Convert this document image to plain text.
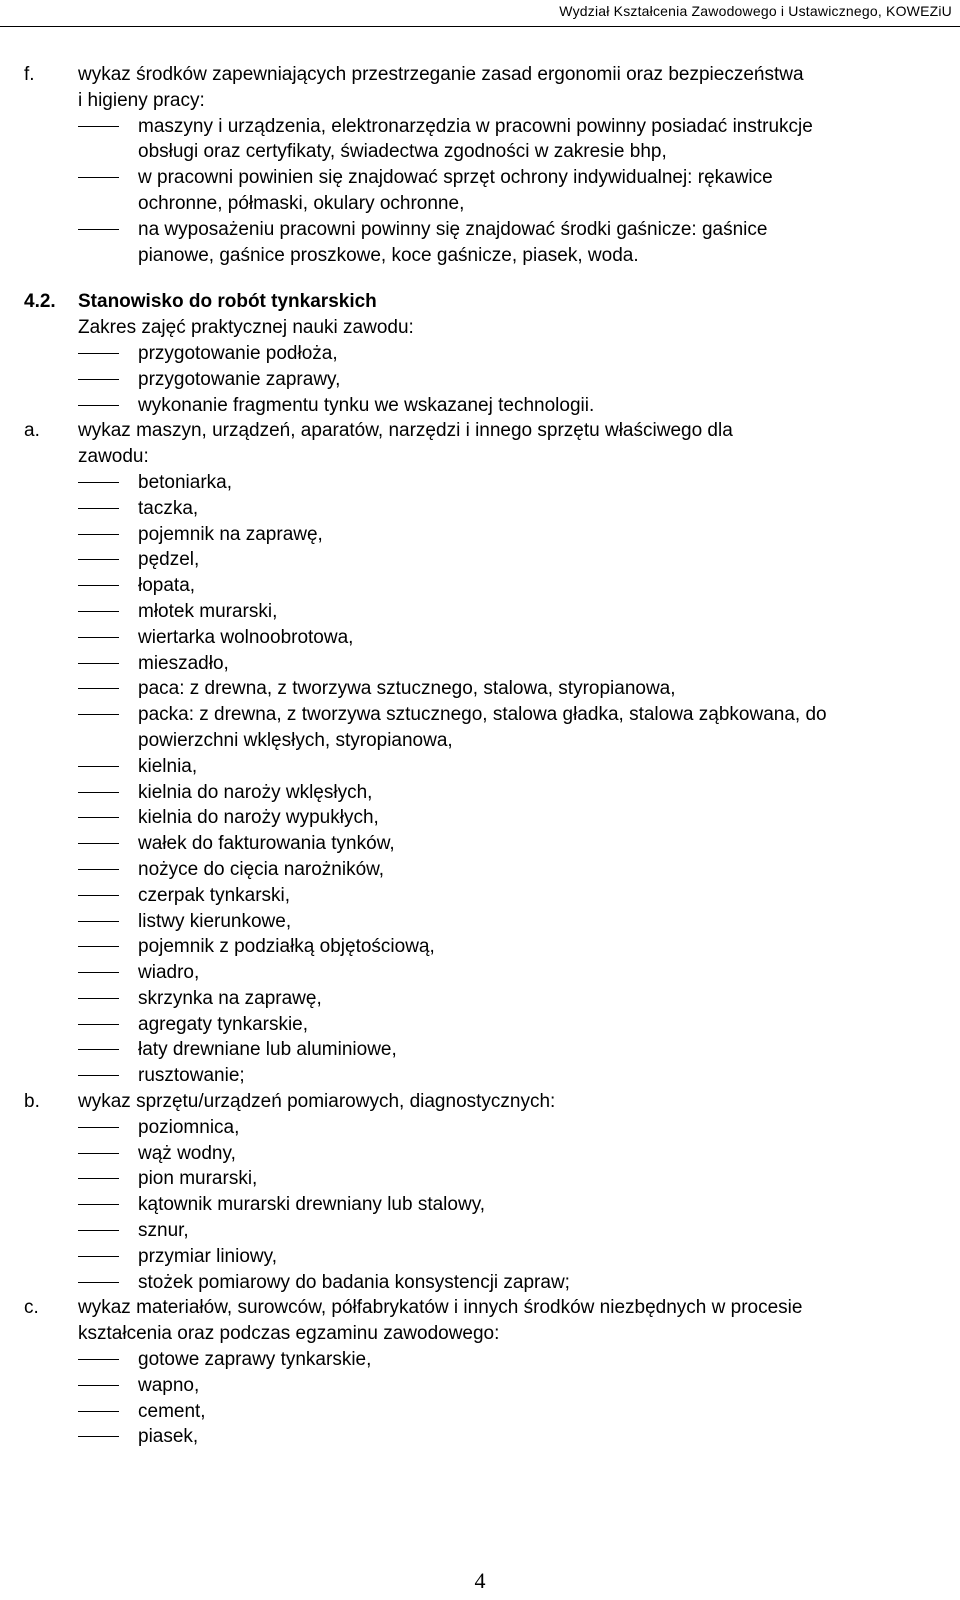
Wydział Kształcenia Zawodowego i Ustawicznego, KOWEZiU
f. wykaz środków zapewniających przestrzeganie zasad ergonomii oraz bezpieczeństwa
i higieny pracy:
maszyny i urządzenia, elektronarzędzia w pracowni powinny posiadać instrukcje
obsługi oraz certyfikaty, świadectwa zgodności w zakresie bhp,
w pracowni powinien się znajdować sprzęt ochrony indywidualnej: rękawice
ochronne, półmaski, okulary ochronne,
na wyposażeniu pracowni powinny się znajdować środki gaśnicze: gaśnice
pianowe, gaśnice proszkowe, koce gaśnicze, piasek, woda.
4.2. Stanowisko do robót tynkarskich
Zakres zajęć praktycznej nauki zawodu:
przygotowanie podłoża,
przygotowanie zaprawy,
wykonanie fragmentu tynku we wskazanej technologii.
a. wykaz maszyn, urządzeń, aparatów, narzędzi i innego sprzętu właściwego dla
zawodu:
betoniarka,
taczka,
pojemnik na zaprawę,
pędzel,
łopata,
młotek murarski,
wiertarka wolnoobrotowa,
mieszadło,
paca: z drewna, z tworzywa sztucznego, stalowa, styropianowa,
packa: z drewna, z tworzywa sztucznego, stalowa gładka, stalowa ząbkowana, do
powierzchni wklęsłych, styropianowa,
kielnia,
kielnia do naroży wklęsłych,
kielnia do naroży wypukłych,
wałek do fakturowania tynków,
nożyce do cięcia narożników,
czerpak tynkarski,
listwy kierunkowe,
pojemnik z podziałką objętościową,
wiadro,
skrzynka na zaprawę,
agregaty tynkarskie,
łaty drewniane lub aluminiowe,
rusztowanie;
b. wykaz sprzętu/urządzeń pomiarowych, diagnostycznych:
poziomnica,
wąż wodny,
pion murarski,
kątownik murarski drewniany lub stalowy,
sznur,
przymiar liniowy,
stożek pomiarowy do badania konsystencji zapraw;
c. wykaz materiałów, surowców, półfabrykatów i innych środków niezbędnych w procesie
kształcenia oraz podczas egzaminu zawodowego:
gotowe zaprawy tynkarskie,
wapno,
cement,
piasek,
4
